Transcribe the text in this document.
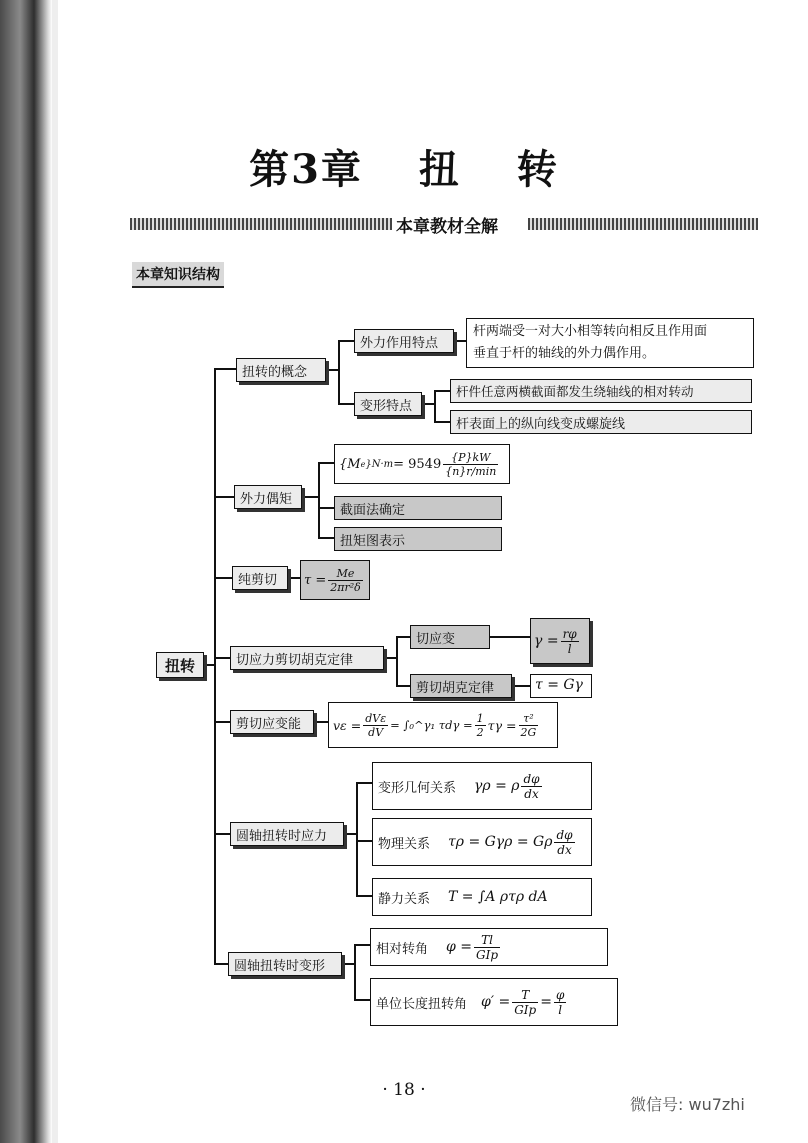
第3章 扭 转
本章教材全解
本章知识结构
扭转
扭转的概念
外力作用特点
杆两端受一对大小相等转向相反且作用面
垂直于杆的轴线的外力偶作用。
变形特点
杆件任意两横截面都发生绕轴线的相对转动
杆表面上的纵向线变成螺旋线
外力偶矩
{M e }$N\cdot m = 9549 \frac{\{P\}kW}{\{n\}r/\min}$
截面法确定
扭矩图表示
纯剪切	$\tau = \frac{Me}{\text{2πr²δ}}$
切应力剪切胡克定律
切应变	$\gamma = \frac{r\varphi}{l}$
剪切胡克定律	τ = Gγ
剪切应变能	$v\varepsilon = \frac{\text{dVε}}{dV}$ = ∫₀^γ₁ $\tau d\gamma = \frac{1}{2}$ $\tau\gamma = \frac{\text{τ²}}{2G}$
圆轴扭转时应力
变形几何关系 γρ = ρ $\frac{d\varphi}{dx}$
物理关系 τρ = Gγρ = Gρ $\frac{d\varphi}{dx}$
静力关系 T = ∫A ρτρ dA
圆轴扭转时变形
相对转角 $\varphi = \frac{Tl}{\text{GIp}}$
单位长度扭转角 $\varphi' = \frac{T}{\text{GIp}} = \frac{\varphi}{l}$
· 18 ·
微信号: wu7zhi
